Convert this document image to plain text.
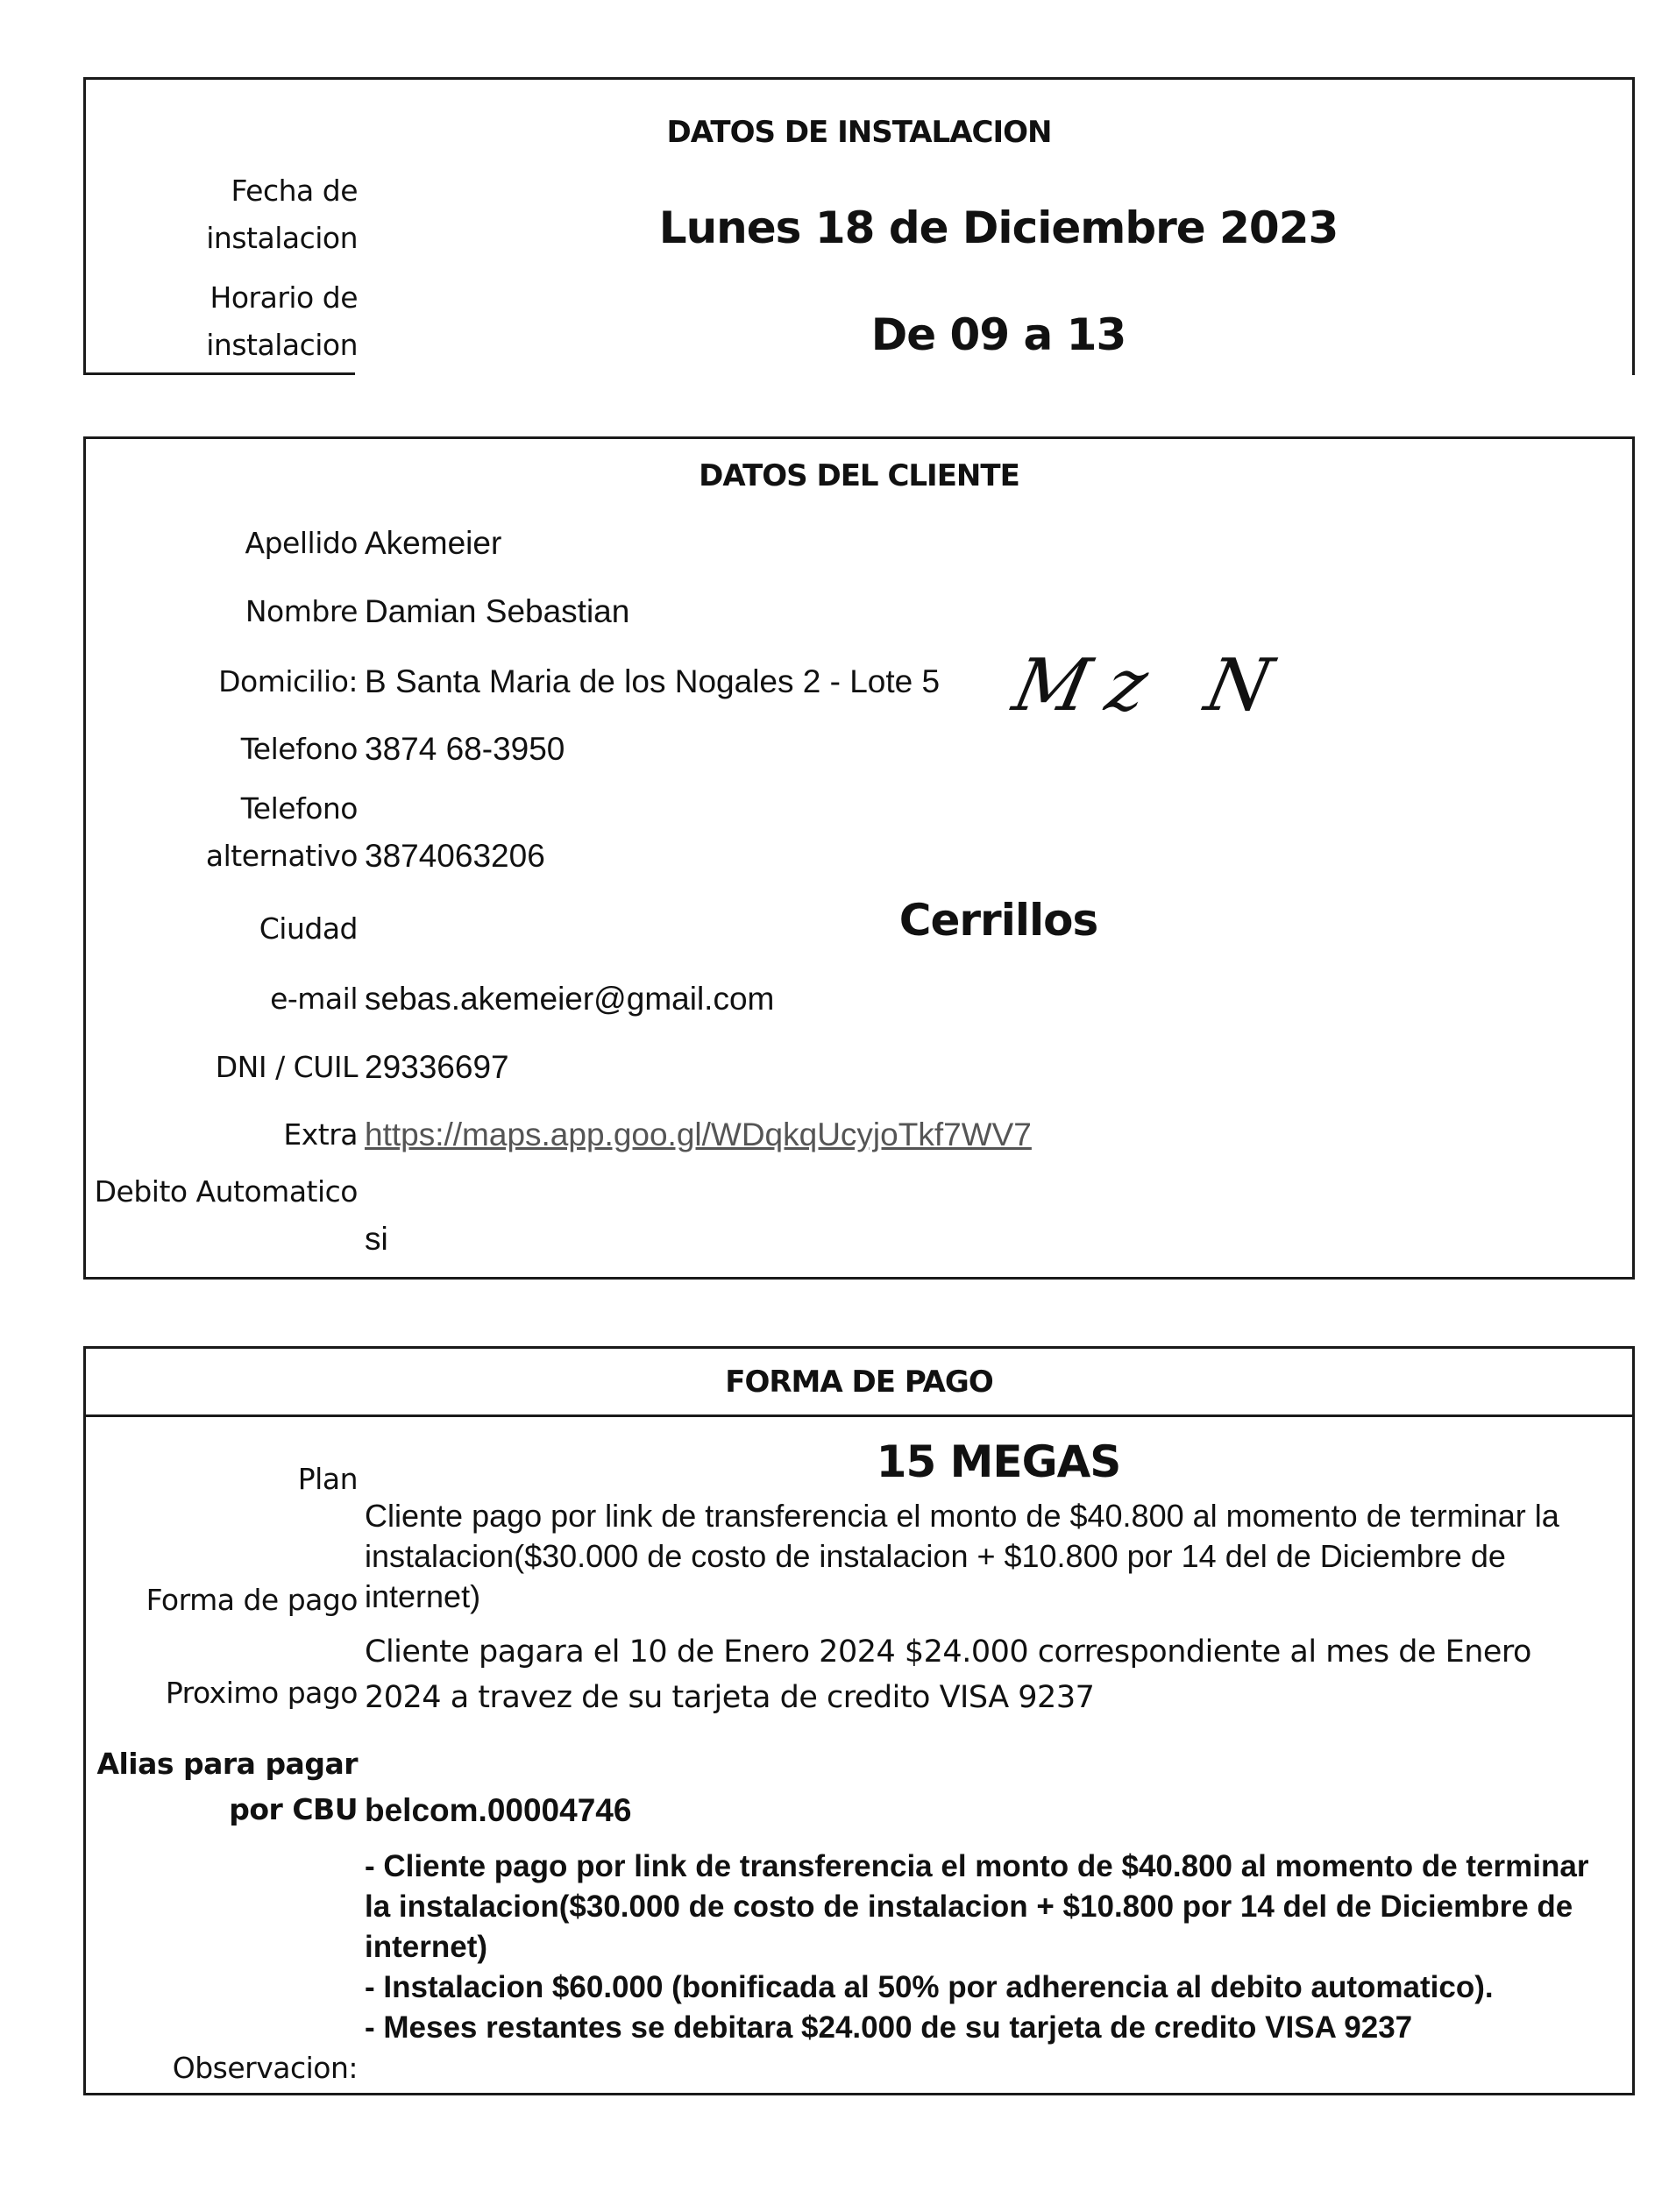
DATOS DE INSTALACION
Fecha de instalacion	Lunes 18 de Diciembre 2023
Horario de instalacion	De 09 a 13
DATOS DEL CLIENTE
Apellido Akemeier
Nombre Damian Sebastian
Domicilio: B Santa Maria de los Nogales 2 - Lote 5 Mz N
Telefono 3874 68-3950
Telefono alternativo 3874063206
Ciudad	Cerrillos
e-mail sebas.akemeier@gmail.com
DNI / CUIL 29336697
Extra https://maps.app.goo.gl/WDqkqUcyjoTkf7WV7
Debito Automatico
si
FORMA DE PAGO
Plan	15 MEGAS
Forma de pago
Cliente pago por link de transferencia el monto de $40.800 al momento de terminar la instalacion($30.000 de costo de instalacion + $10.800 por 14 del de Diciembre de internet)
Proximo pago
Cliente pagara el 10 de Enero 2024 $24.000 correspondiente al mes de Enero 2024 a travez de su tarjeta de credito VISA 9237
Alias para pagar por CBU belcom.00004746
Observacion:
- Cliente pago por link de transferencia el monto de $40.800 al momento de terminar la instalacion($30.000 de costo de instalacion + $10.800 por 14 del de Diciembre de internet)
- Instalacion $60.000 (bonificada al 50% por adherencia al debito automatico).
- Meses restantes se debitara $24.000 de su tarjeta de credito VISA 9237
